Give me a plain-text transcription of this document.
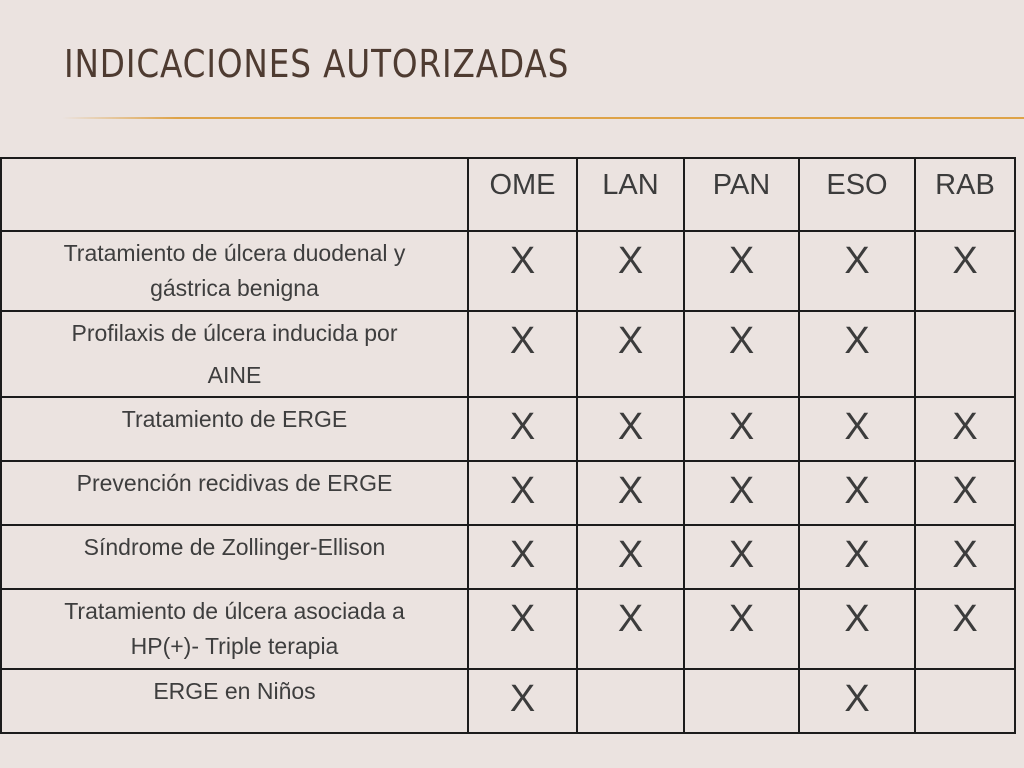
INDICACIONES AUTORIZADAS
	OME	LAN	PAN	ESO	RAB

Tratamiento de úlcera duodenal y
gástrica benigna	X	X	X	X	X

Profilaxis de úlcera inducida por
AINE	X	X	X	X	

Tratamiento de ERGE	X	X	X	X	X

Prevención recidivas de ERGE	X	X	X	X	X

Síndrome de Zollinger-Ellison	X	X	X	X	X

Tratamiento de úlcera asociada a
HP(+)- Triple terapia	X	X	X	X	X

ERGE en Niños	X			X	
